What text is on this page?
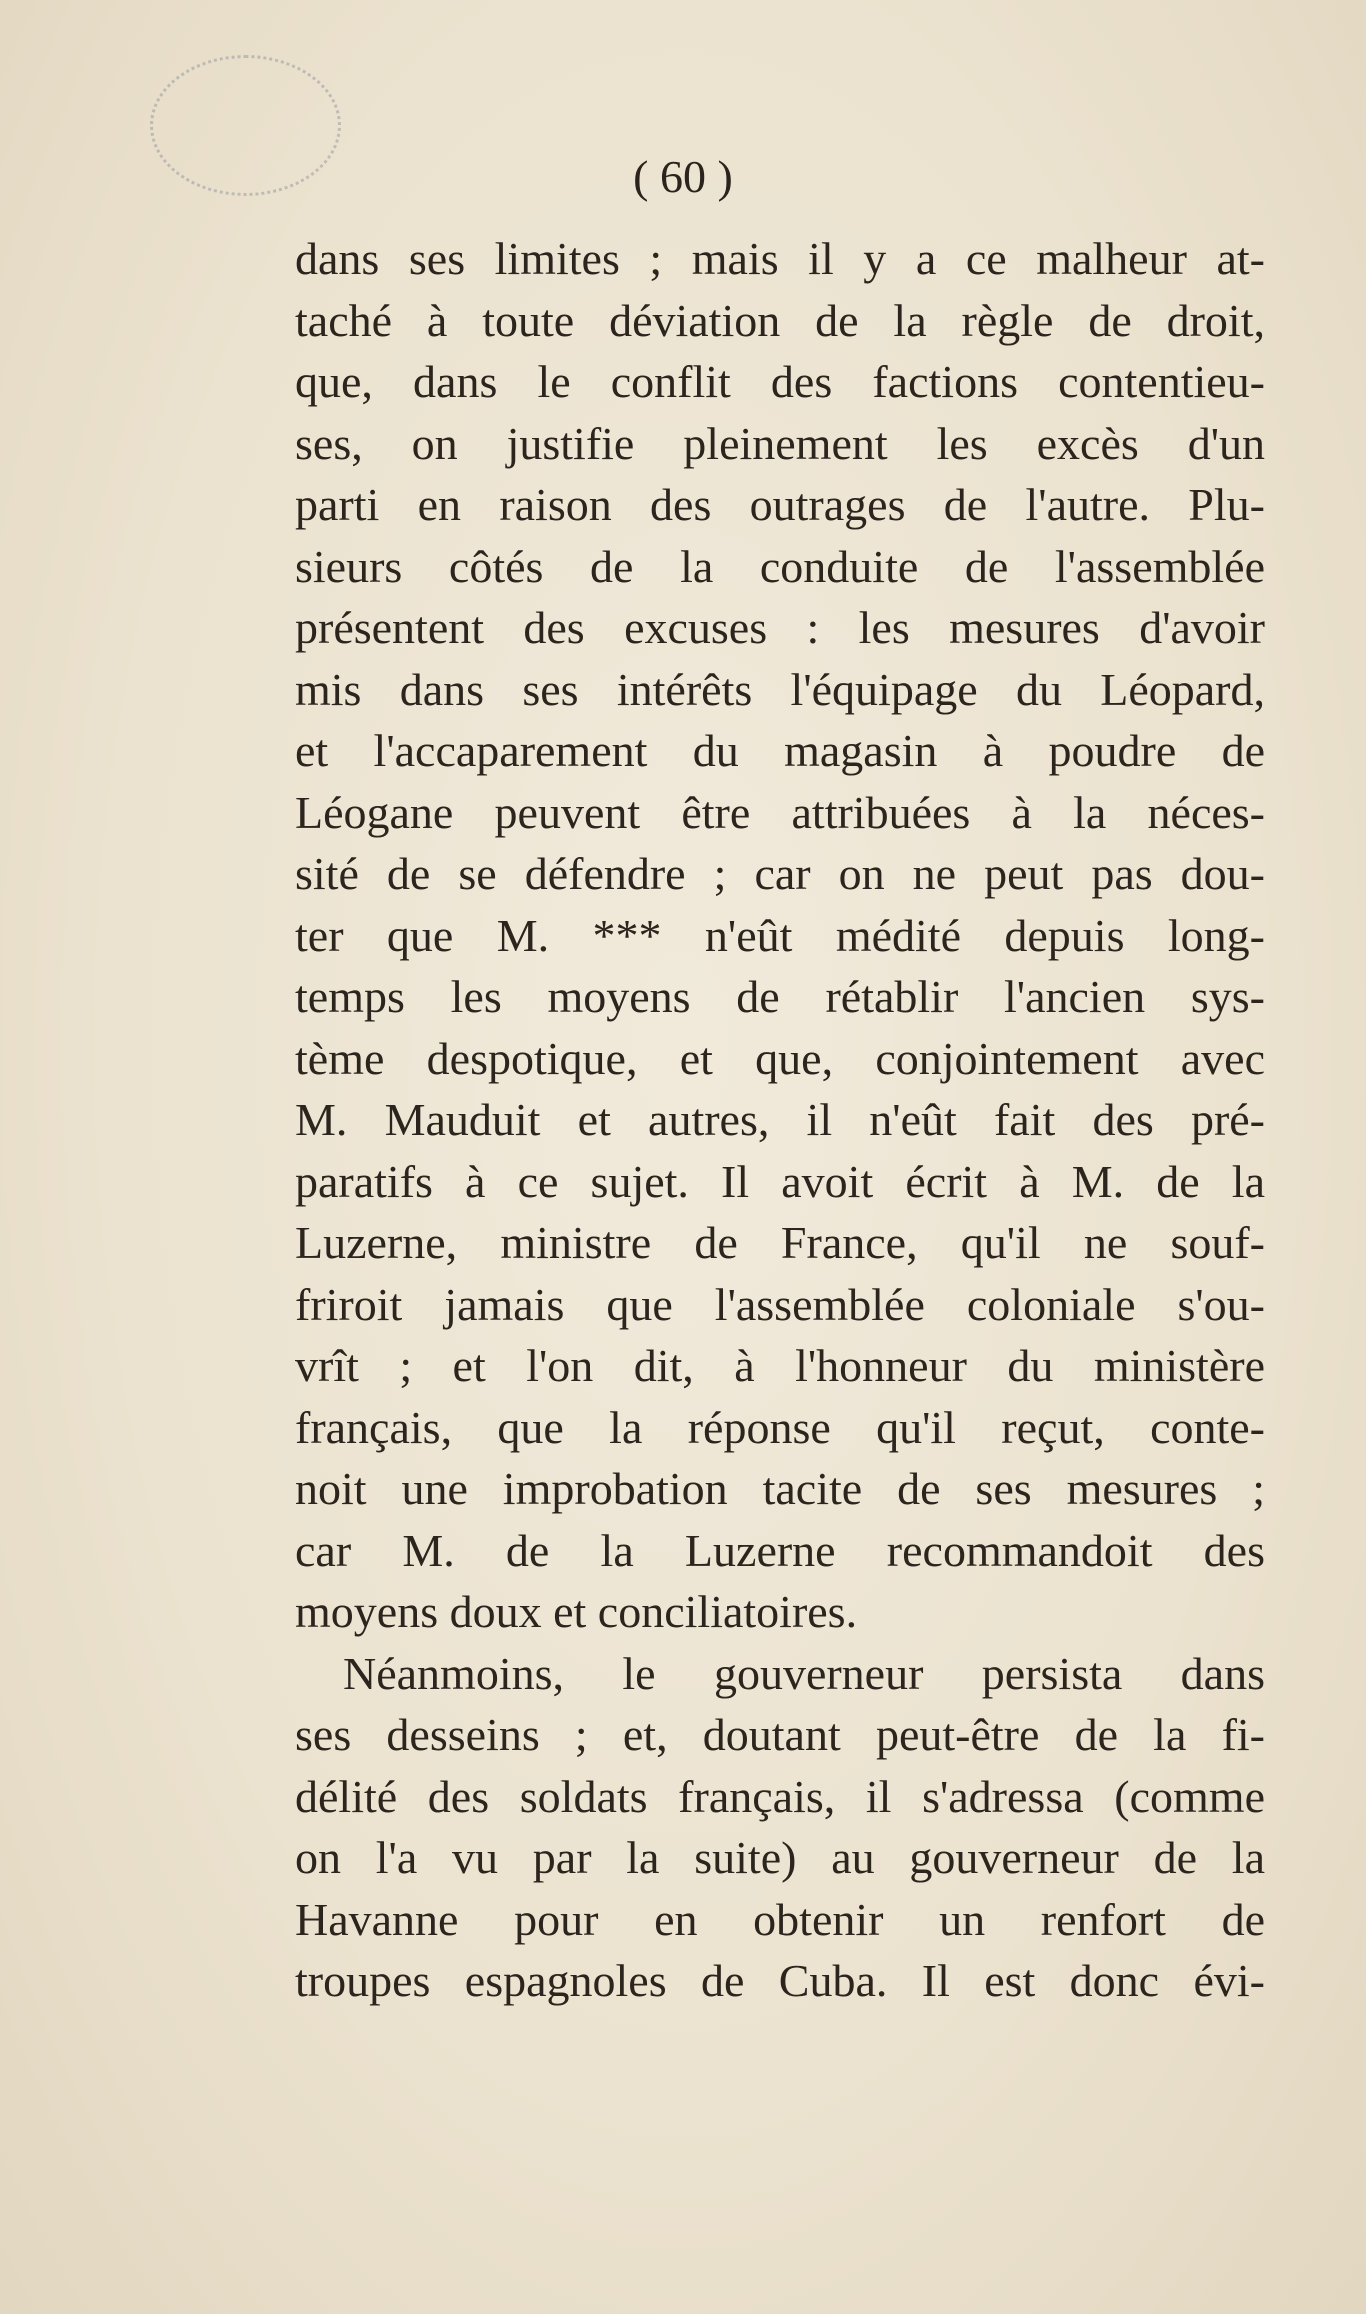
( 60 )
dans ses limites ; mais il y a ce malheur at-
taché à toute déviation de la règle de droit,
que, dans le conflit des factions contentieu-
ses, on justifie pleinement les excès d'un
parti en raison des outrages de l'autre. Plu-
sieurs côtés de la conduite de l'assemblée
présentent des excuses : les mesures d'avoir
mis dans ses intérêts l'équipage du Léopard,
et l'accaparement du magasin à poudre de
Léogane peuvent être attribuées à la néces-
sité de se défendre ; car on ne peut pas dou-
ter que M. *** n'eût médité depuis long-
temps les moyens de rétablir l'ancien sys-
tème despotique, et que, conjointement avec
M. Mauduit et autres, il n'eût fait des pré-
paratifs à ce sujet. Il avoit écrit à M. de la
Luzerne, ministre de France, qu'il ne souf-
friroit jamais que l'assemblée coloniale s'ou-
vrît ; et l'on dit, à l'honneur du ministère
français, que la réponse qu'il reçut, conte-
noit une improbation tacite de ses mesures ;
car M. de la Luzerne recommandoit des
moyens doux et conciliatoires.
Néanmoins, le gouverneur persista dans
ses desseins ; et, doutant peut-être de la fi-
délité des soldats français, il s'adressa (comme
on l'a vu par la suite) au gouverneur de la
Havanne pour en obtenir un renfort de
troupes espagnoles de Cuba. Il est donc évi-
